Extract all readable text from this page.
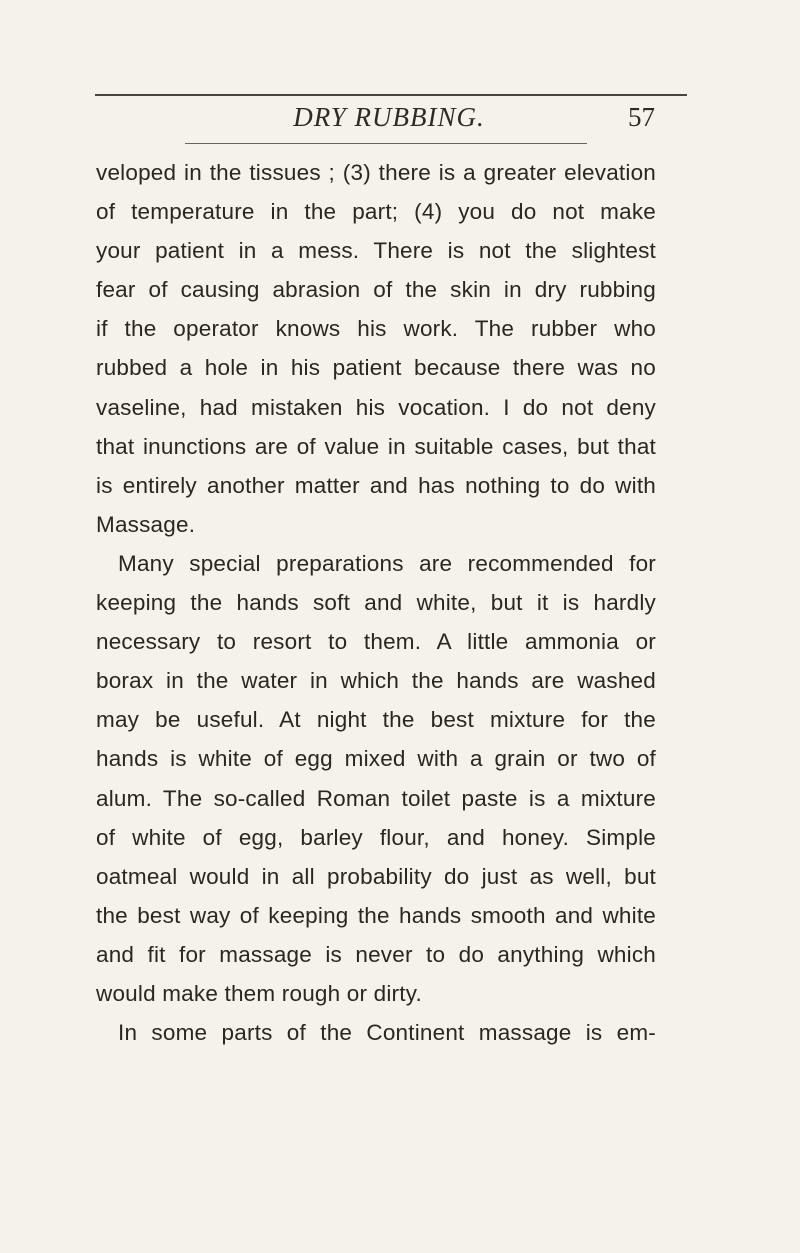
DRY RUBBING.	57
veloped in the tissues ; (3) there is a greater elevation
of temperature in the part; (4) you do not make
your patient in a mess. There is not the slightest
fear of causing abrasion of the skin in dry rubbing
if the operator knows his work. The rubber who
rubbed a hole in his patient because there was no
vaseline, had mistaken his vocation. I do not deny
that inunctions are of value in suitable cases, but that
is entirely another matter and has nothing to do with
Massage.
Many special preparations are recommended for
keeping the hands soft and white, but it is hardly
necessary to resort to them. A little ammonia or
borax in the water in which the hands are washed
may be useful. At night the best mixture for the
hands is white of egg mixed with a grain or two of
alum. The so-called Roman toilet paste is a mixture
of white of egg, barley flour, and honey. Simple
oatmeal would in all probability do just as well, but
the best way of keeping the hands smooth and white
and fit for massage is never to do anything which
would make them rough or dirty.
In some parts of the Continent massage is em-
